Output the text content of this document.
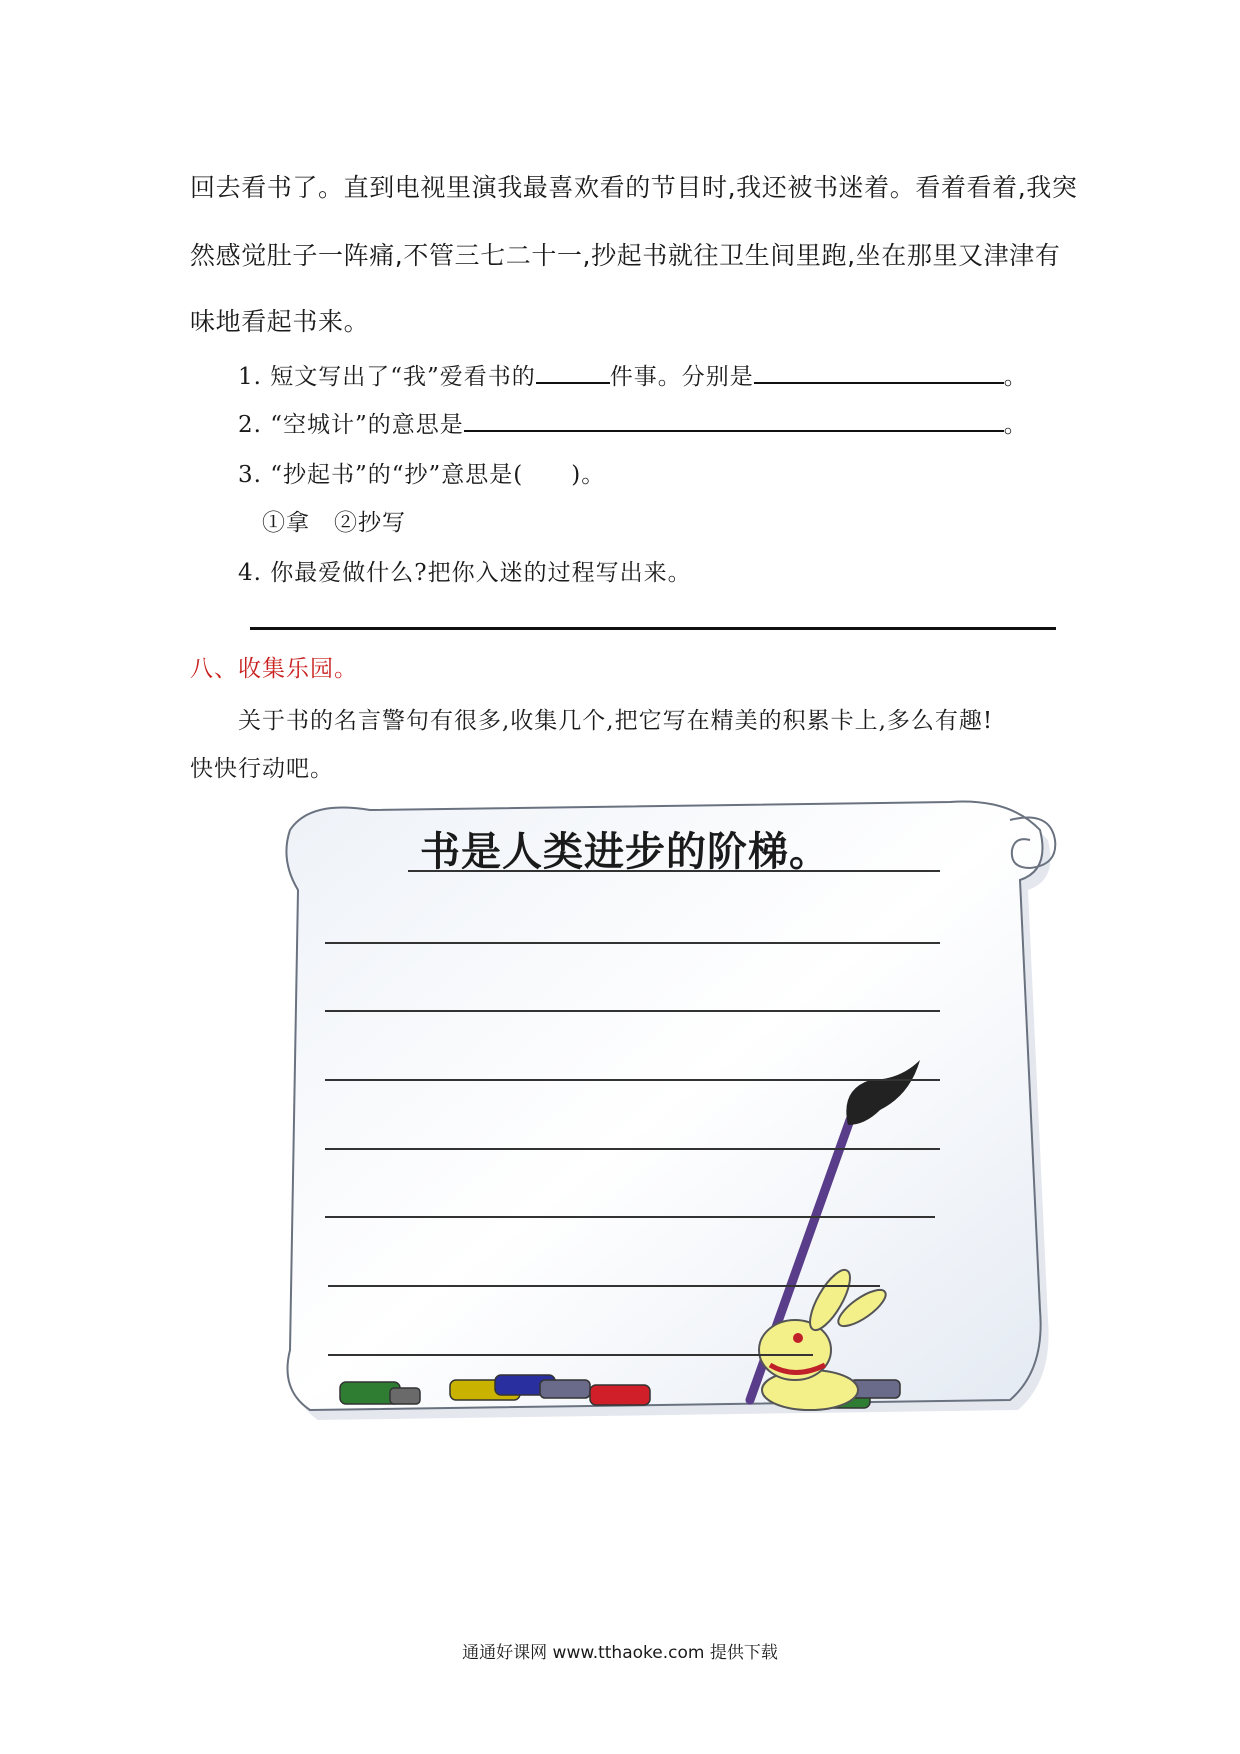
回去看书了。直到电视里演我最喜欢看的节目时,我还被书迷着。看着看着,我突
然感觉肚子一阵痛,不管三七二十一,抄起书就往卫生间里跑,坐在那里又津津有
味地看起书来。
1. 短文写出了“我”爱看书的	件事。分别是	。
2. “空城计”的意思是	。
3. “抄起书”的“抄”意思是(　　)。
①拿　②抄写
4. 你最爱做什么?把你入迷的过程写出来。
八、收集乐园。
关于书的名言警句有很多,收集几个,把它写在精美的积累卡上,多么有趣!
快快行动吧。
书是人类进步的阶梯。
通通好课网 www.tthaoke.com 提供下载
